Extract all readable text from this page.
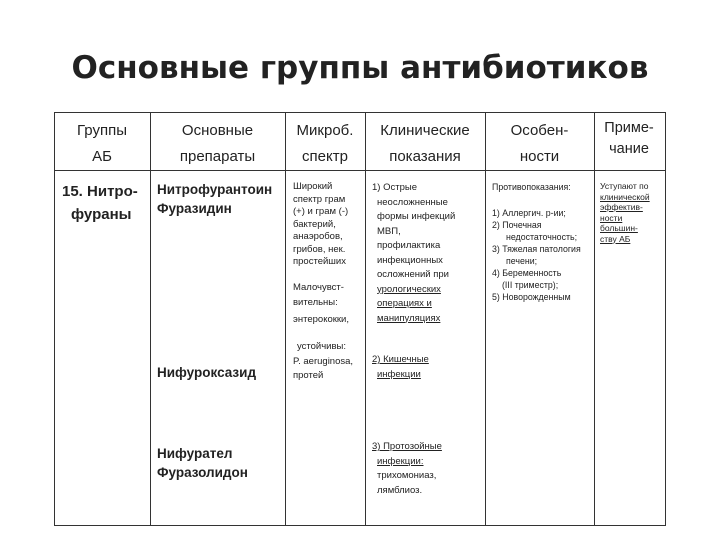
Основные группы антибиотиков
Группы
АБ
Основные
препараты
Микроб.
спектр
Клинические
показания
Особен-
ности
Приме-
чание
15. Нитро-
фураны
Нитрофурантоин
Фуразидин
Нифуроксазид
Нифурател
Фуразолидон
Широкий
спектр грам
(+) и грам (-)
бактерий,
анаэробов,
грибов, нек.
простейших
Малочувст-
вительны:
энтерококки,
устойчивы:
P. aeruginosa,
протей
1) Острые
неосложненные
формы инфекций
МВП,
профилактика
инфекционных
осложнений при
урологических
операциях и
манипуляциях
2) Кишечные
инфекции
3) Протозойные
инфекции:
трихомониаз,
лямблиоз.
Противопоказания:
1) Аллергич. р-ии;
2) Почечная
недостаточность;
3) Тяжелая патология
печени;
4) Беременность
(III триместр);
5) Новорожденным
Уступают по
клинической
эффектив-
ности
большин-
ству АБ
